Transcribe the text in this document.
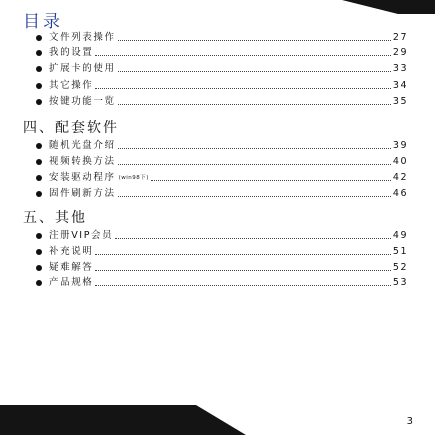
目录
文件列表操作	27
我的设置	29
扩展卡的使用	33
其它操作	34
按键功能一览	35
四、配套软件
随机光盘介绍	39
视频转换方法	40
安装驱动程序 (win98下)	42
固件刷新方法	46
五、其他
注册VIP会员	49
补充说明	51
疑难解答	52
产品规格	53
3
